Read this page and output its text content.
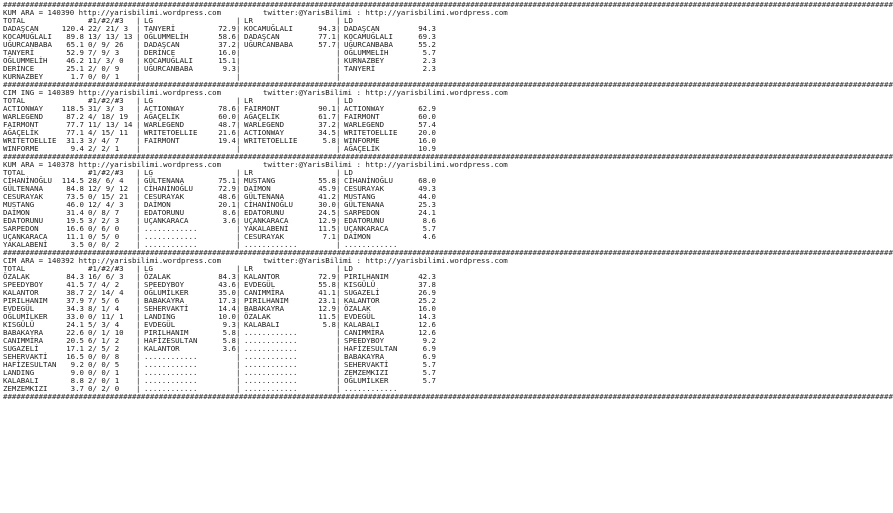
########################################################################################################################################################################################################
KUM ARA = 140390 http://yarisbilimi.wordpress.com	twitter:@YarisBilimi : http://yarisbilimi.wordpress.com
TOTAL	#1/#2/#3 | LG	| LR	| LD
DADAŞCAN	120.4 22/ 21/ 3 | TANYERİ	72.9| KOCAMUĞLALI	94.3| DADAŞCAN	94.3
KOCAMUĞLALI 89.8 13/ 13/ 13 | OĞLUMMELİH	58.6| DADAŞCAN	77.1| KOCAMUĞLALI	69.3
UĞURCANBABA 65.1 0/ 9/ 26 | DADAŞCAN	37.2| UĞURCANBABA	57.7| UĞURCANBABA	55.2
TANYERİ	52.9 7/ 9/ 3 | DERİNCE	16.0|	| OĞLUMMELİH	5.7
OĞLUMMELİH	46.2 11/ 3/ 0 | KOCAMUĞLALI	15.1|	| KURNAZBEY	2.3
DERİNCE	25.1 2/ 0/ 9 | UĞURCANBABA	9.3|	| TANYERİ	2.3
KURNAZBEY	1.7 0/ 0/ 1 |	|	|
########################################################################################################################################################################################################
CIM ING = 140389 http://yarisbilimi.wordpress.com	twitter:@YarisBilimi : http://yarisbilimi.wordpress.com
TOTAL	#1/#2/#3 | LG	| LR	| LD
ACTIONWAY	118.5 31/ 3/ 3 | ACTIONWAY	78.6| FAIRMONT	90.1| ACTIONWAY	62.9
WARLEGEND	87.2 4/ 18/ 19 | AĞAÇELİK	60.0| AĞAÇELİK	61.7| FAIRMONT	60.0
FAIRMONT	77.7 11/ 13/ 14 | WARLEGEND	48.7| WARLEGEND	37.2| WARLEGEND	57.4
AĞAÇELİK	77.1 4/ 15/ 11 | WRITETOELLIE	21.6| ACTIONWAY	34.5| WRITETOELLIE	20.0
WRITETOELLIE 31.3 3/ 4/ 7 | FAIRMONT	19.4| WRITETOELLIE	5.8| WINFORME	16.0
WINFORME	9.4 2/ 2/ 1 |	|	| AĞAÇELİK	10.9
########################################################################################################################################################################################################
KUM ARA = 140378 http://yarisbilimi.wordpress.com	twitter:@YarisBilimi : http://yarisbilimi.wordpress.com
TOTAL	#1/#2/#3 | LG	| LR	| LD
CİHANİNOĞLU 114.5 28/ 6/ 4 | GÜLTENANA	75.1| MUSTANG	55.8| CİHANİNOĞLU	68.0
GÜLTENANA	84.8 12/ 9/ 12 | CİHANİNOĞLU	72.9| DAİMON	45.9| CESURAYAK	49.3
CESURAYAK	73.5 0/ 15/ 21 | CESURAYAK	48.6| GÜLTENANA	41.2| MUSTANG	44.0
MUSTANG	46.0 12/ 4/ 3 | DAİMON	20.1| CİHANİNOĞLU	30.0| GÜLTENANA	25.3
DAİMON	31.4 0/ 8/ 7 | EDATORUNU	8.6| EDATORUNU	24.5| SARPEDON	24.1
EDATORUNU	19.5 3/ 2/ 3 | UÇANKARACA	3.6| UÇANKARACA	12.9| EDATORUNU	8.6
SARPEDON	16.6 0/ 6/ 0 | ............	| YAKALABENİ	11.5| UÇANKARACA	5.7
UÇANKARACA	11.1 0/ 5/ 0 | ............	| CESURAYAK	7.1| DAİMON	4.6
YAKALABENİ	3.5 0/ 0/ 2 | ............	| ............	| ............
########################################################################################################################################################################################################
CIM ARA = 140392 http://yarisbilimi.wordpress.com	twitter:@YarisBilimi : http://yarisbilimi.wordpress.com
TOTAL	#1/#2/#3 | LG	| LR	| LD
ÖZALAK	84.3 16/ 6/ 3 | ÖZALAK	84.3| KALANTOR	72.9| PIRILHANIM	42.3
SPEEDYBOY	41.5 7/ 4/ 2 | SPEEDYBOY	43.6| EVDEGÜL	55.8| KISGÜLÜ	37.8
KALANTOR	38.7 2/ 14/ 4 | OĞLUMİLKER	35.0| CANIMMİRA	41.1| SUGAZELİ	26.9
PIRILHANIM	37.9 7/ 5/ 6 | BABAKAYRA	17.3| PIRILHANIM	23.1| KALANTOR	25.2
EVDEGÜL	34.3 8/ 1/ 4 | SEHERVAKTİ	14.4| BABAKAYRA	12.9| ÖZALAK	16.0
OĞLUMİLKER	33.0 0/ 11/ 1 | LANDING	10.0| ÖZALAK	11.5| EVDEGÜL	14.3
KISGÜLÜ	24.1 5/ 3/ 4 | EVDEGÜL	9.3| KALABALI	5.8| KALABALI	12.6
BABAKAYRA	22.6 0/ 1/ 10 | PIRILHANIM	5.8| ............	| CANIMMİRA	12.6
CANIMMİRA	20.5 6/ 1/ 2 | HAFİZESULTAN	5.8| ............	| SPEEDYBOY	9.2
SUGAZELİ	17.1 2/ 5/ 2 | KALANTOR	3.6| ............	| HAFİZESULTAN	6.9
SEHERVAKTİ	16.5 0/ 0/ 8 | ............	| ............	| BABAKAYRA	6.9
HAFİZESULTAN 9.2 0/ 0/ 5 | ............	| ............	| SEHERVAKTİ	5.7
LANDING	9.0 0/ 0/ 1 | ............	| ............	| ZEMZEMKIZI	5.7
KALABALI	8.8 2/ 0/ 1 | ............	| ............	| OĞLUMİLKER	5.7
ZEMZEMKIZI	3.7 0/ 2/ 0 | ............	| ............	| ............
########################################################################################################################################################################################################
